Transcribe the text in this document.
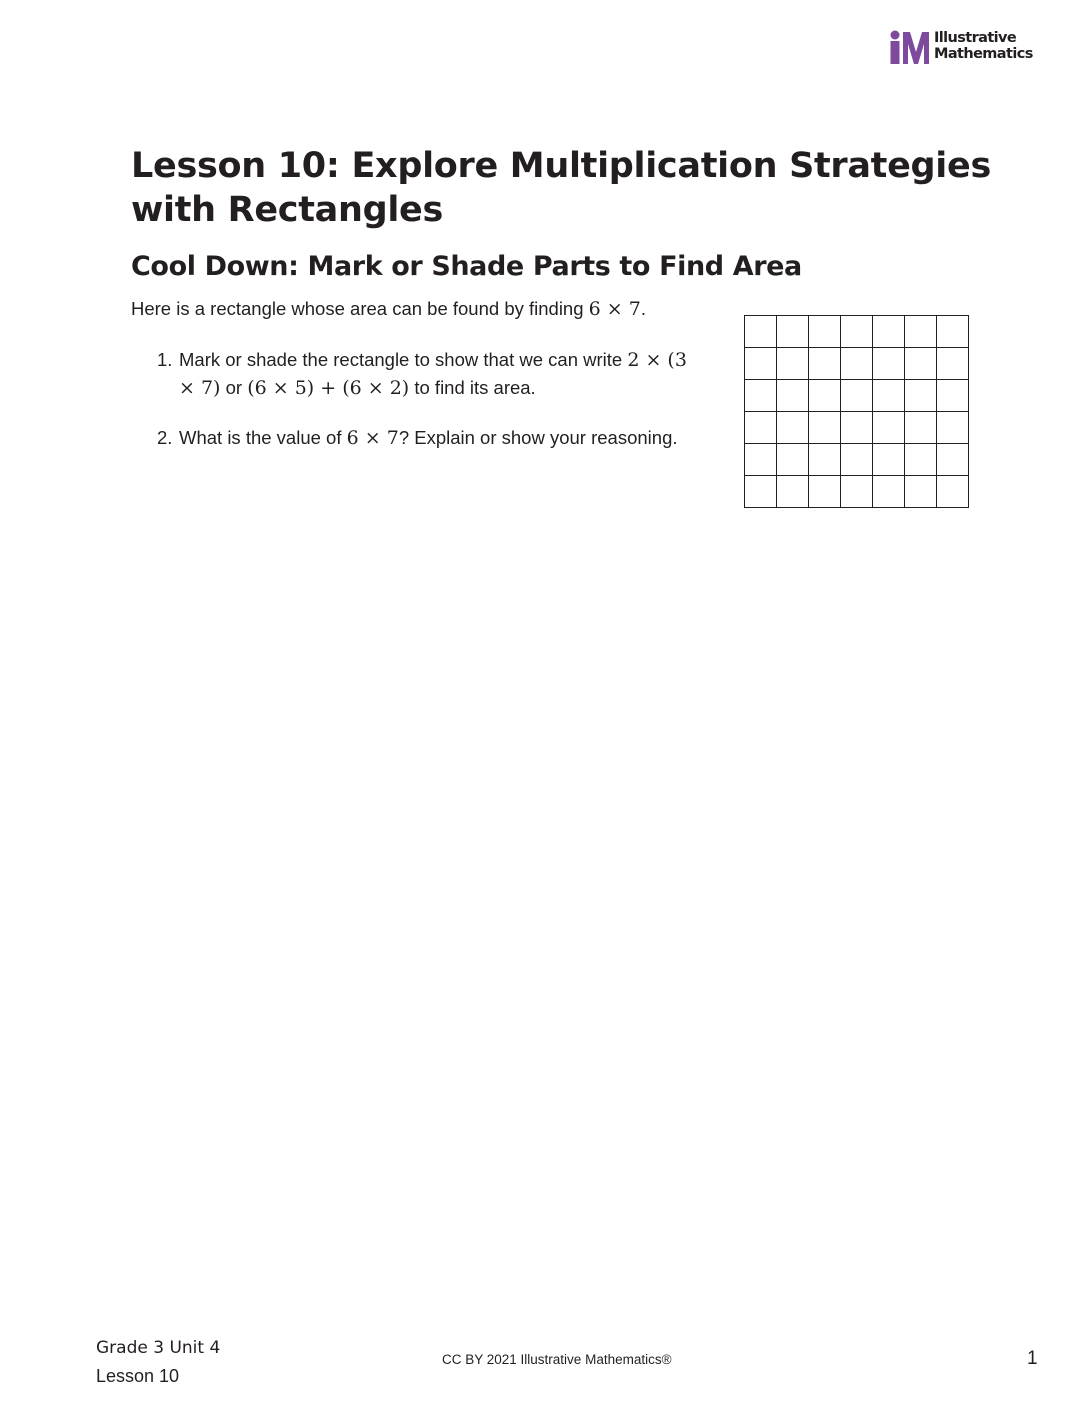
Illustrative
Mathematics
Lesson 10: Explore Multiplication Strategies with Rectangles
Cool Down: Mark or Shade Parts to Find Area
Here is a rectangle whose area can be found by finding 6 × 7.
1. Mark or shade the rectangle to show that we can write 2 × (3 × 7) or (6 × 5) + (6 × 2) to find its area.
2. What is the value of 6 × 7? Explain or show your reasoning.
Grade 3 Unit 4
Lesson 10
CC BY 2021 Illustrative Mathematics®	1
